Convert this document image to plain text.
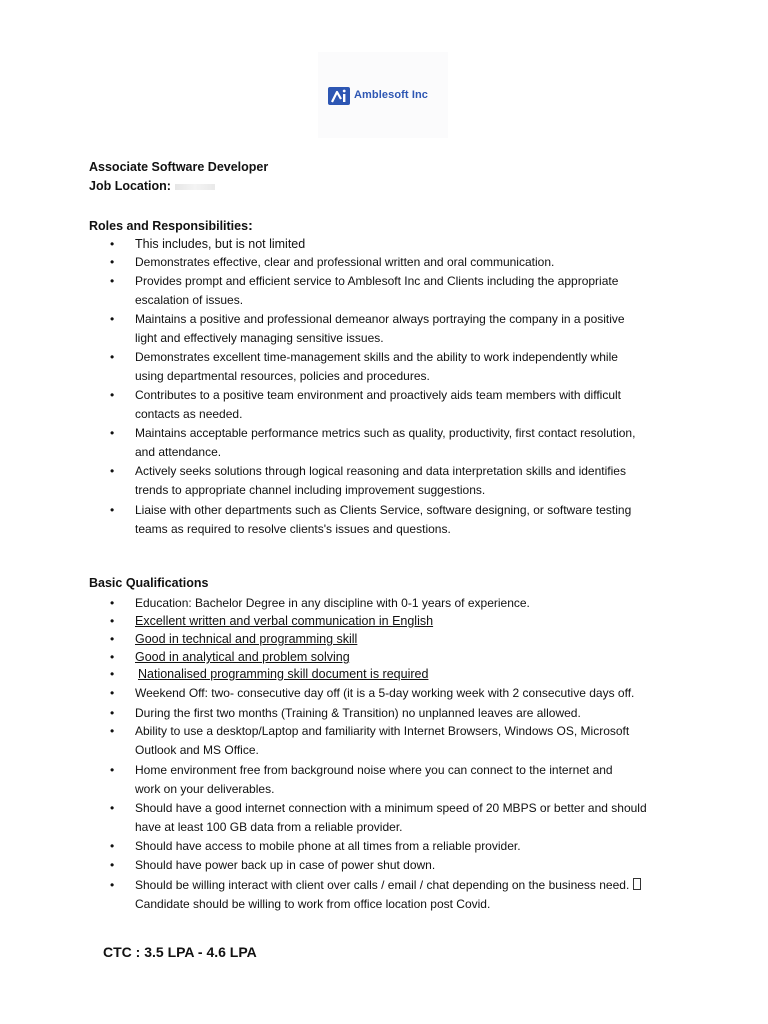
Amblesoft Inc
Associate Software Developer
Job Location:
Roles and Responsibilities:
• This includes, but is not limited
• Demonstrates effective, clear and professional written and oral communication.
• Provides prompt and efficient service to Amblesoft Inc and Clients including the appropriate
escalation of issues.
• Maintains a positive and professional demeanor always portraying the company in a positive
light and effectively managing sensitive issues.
• Demonstrates excellent time-management skills and the ability to work independently while
using departmental resources, policies and procedures.
• Contributes to a positive team environment and proactively aids team members with difficult
contacts as needed.
• Maintains acceptable performance metrics such as quality, productivity, first contact resolution,
and attendance.
• Actively seeks solutions through logical reasoning and data interpretation skills and identifies
trends to appropriate channel including improvement suggestions.
• Liaise with other departments such as Clients Service, software designing, or software testing
teams as required to resolve clients's issues and questions.
Basic Qualifications
• Education: Bachelor Degree in any discipline with 0-1 years of experience.
• Excellent written and verbal communication in English
• Good in technical and programming skill
• Good in analytical and problem solving
• Nationalised programming skill document is required
• Weekend Off: two- consecutive day off (it is a 5-day working week with 2 consecutive days off.
• During the first two months (Training & Transition) no unplanned leaves are allowed.
• Ability to use a desktop/Laptop and familiarity with Internet Browsers, Windows OS, Microsoft
Outlook and MS Office.
• Home environment free from background noise where you can connect to the internet and
work on your deliverables.
• Should have a good internet connection with a minimum speed of 20 MBPS or better and should
have at least 100 GB data from a reliable provider.
• Should have access to mobile phone at all times from a reliable provider.
• Should have power back up in case of power shut down.
• Should be willing interact with client over calls / email / chat depending on the business need.
Candidate should be willing to work from office location post Covid.
CTC : 3.5 LPA - 4.6 LPA
